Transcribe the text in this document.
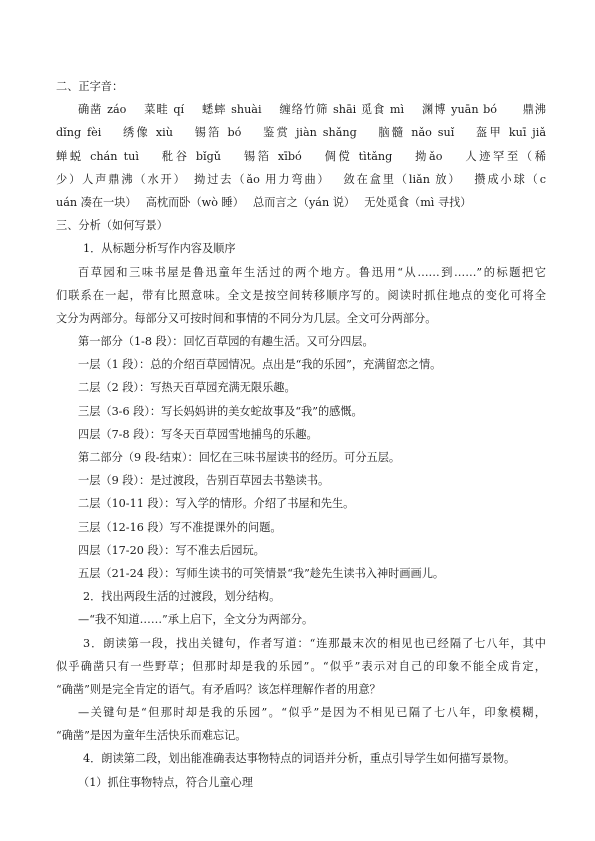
二、正字音：
确凿 záo　 菜畦 qí　 蟋蟀 shuài　 缠络竹筛 shāi 觅食 mì　 渊博 yuān bó　　鼎沸
dǐng fèi　 绣像 xiù　 锡箔 bó　 鉴赏 jiàn shǎng　 脑髓 nǎo suǐ　 盔甲 kuī jiǎ
蝉蜕 chán tuì　 秕谷 bǐgǔ　 锡箔 xībó　 倜傥 tìtǎng　 拗ǎo　 人迹罕至（稀
少）人声鼎沸（水开）　拗过去（ǎo 用力弯曲）　 敛在盒里（liǎn 放）　 攒成小球（c
uán 凑在一块）　 高枕而卧（wò 睡）　 总而言之（yán 说）　 无处觅食（mì 寻找）
三、分析（如何写景）
1．从标题分析写作内容及顺序
百草园和三味书屋是鲁迅童年生活过的两个地方。鲁迅用“从……到……”的标题把它
们联系在一起，带有比照意味。全文是按空间转移顺序写的。阅读时抓住地点的变化可将全
文分为两部分。每部分又可按时间和事情的不同分为几层。全文可分两部分。
第一部分（1-8 段）：回忆百草园的有趣生活。又可分四层。
一层（1 段）：总的介绍百草园情况。点出是“我的乐园”，充满留恋之情。
二层（2 段）：写热天百草园充满无限乐趣。
三层（3-6 段）：写长妈妈讲的美女蛇故事及“我”的感慨。
四层（7-8 段）：写冬天百草园雪地捕鸟的乐趣。
第二部分（9 段-结束）：回忆在三味书屋读书的经历。可分五层。
一层（9 段）：是过渡段，告别百草园去书塾读书。
二层（10-11 段）：写入学的情形。介绍了书屋和先生。
三层（12-16 段）写不准提课外的问题。
四层（17-20 段）：写不准去后园玩。
五层（21-24 段）：写师生读书的可笑情景“我”趁先生读书入神时画画儿。
2．找出两段生活的过渡段，划分结构。
—“我不知道……”承上启下，全文分为两部分。
3．朗读第一段，找出关键句，作者写道：“连那最末次的相见也已经隔了七八年，其中
似乎确凿只有一些野草；但那时却是我的乐园”。“似乎”表示对自己的印象不能全成肯定，
“确凿”则是完全肯定的语气。有矛盾吗？该怎样理解作者的用意？
—关键句是“但那时却是我的乐园”。“似乎”是因为不相见已隔了七八年，印象模糊，
“确凿”是因为童年生活快乐而难忘记。
4．朗读第二段，划出能准确表达事物特点的词语并分析，重点引导学生如何描写景物。
（1）抓住事物特点，符合儿童心理
